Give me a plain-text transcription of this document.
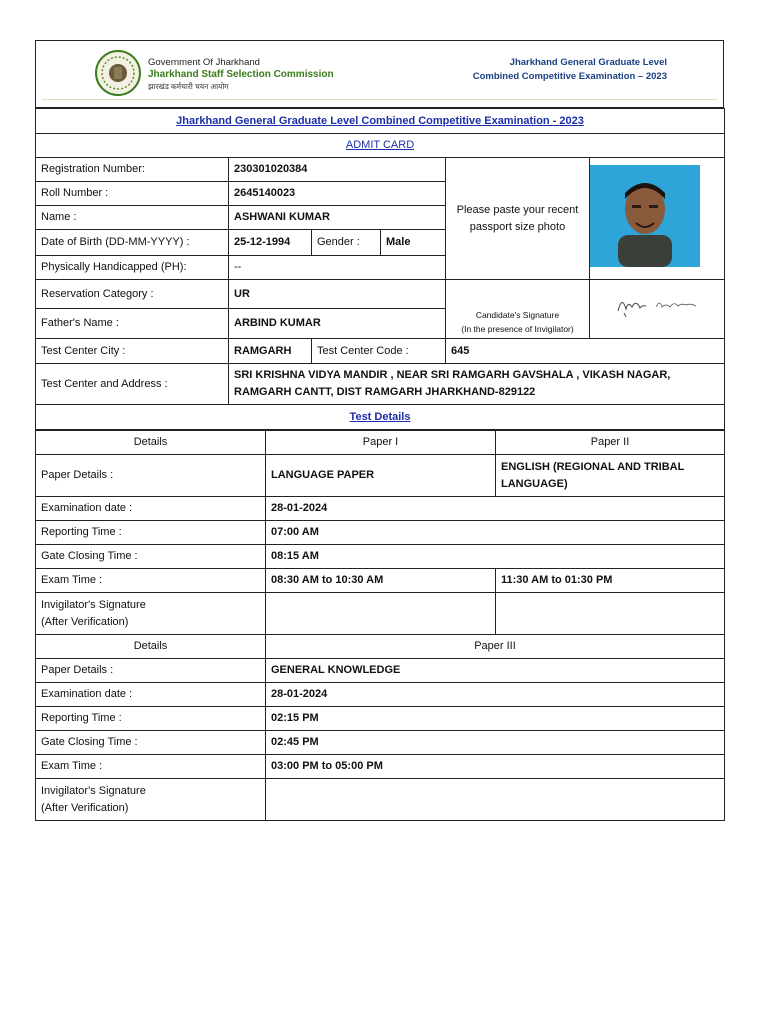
Government Of Jharkhand
Jharkhand Staff Selection Commission
झारखंड कर्मचारी चयन आयोग
Jharkhand General Graduate Level
Combined Competitive Examination – 2023
Jharkhand General Graduate Level Combined Competitive Examination - 2023					
ADMIT CARD					
Registration Number:	230301020384			Please paste your recent
passport size photo

Roll Number :	2645140023				
Name :	ASHWANI KUMAR				
Date of Birth (DD-MM-YYYY) :	25-12-1994	Gender :	Male		
Physically Handicapped (PH):	--				
Reservation Category :	UR			Candidate's Signature
(In the presence of Invigilator)

Father's Name :	ARBIND KUMAR				
Test Center City :	RAMGARH	Test Center Code :		645	
Test Center and Address :	SRI KRISHNA VIDYA MANDIR , NEAR SRI RAMGARH GAVSHALA , VIKASH NAGAR, RAMGARH CANTT, DIST RAMGARH JHARKHAND-829122				
Test Details					
Details	Paper I	Paper II
Paper Details :	LANGUAGE PAPER	ENGLISH (REGIONAL AND TRIBAL
LANGUAGE)

Examination date :	28-01-2024	
Reporting Time :	07:00 AM	
Gate Closing Time :	08:15 AM	
Exam Time :	08:30 AM to 10:30 AM	11:30 AM to 01:30 PM

Invigilator's Signature
(After Verification)		

Details	Paper III	
Paper Details :	GENERAL KNOWLEDGE	
Examination date :	28-01-2024	
Reporting Time :	02:15 PM	
Gate Closing Time :	02:45 PM	
Exam Time :	03:00 PM to 05:00 PM	

Invigilator's Signature
(After Verification)		
